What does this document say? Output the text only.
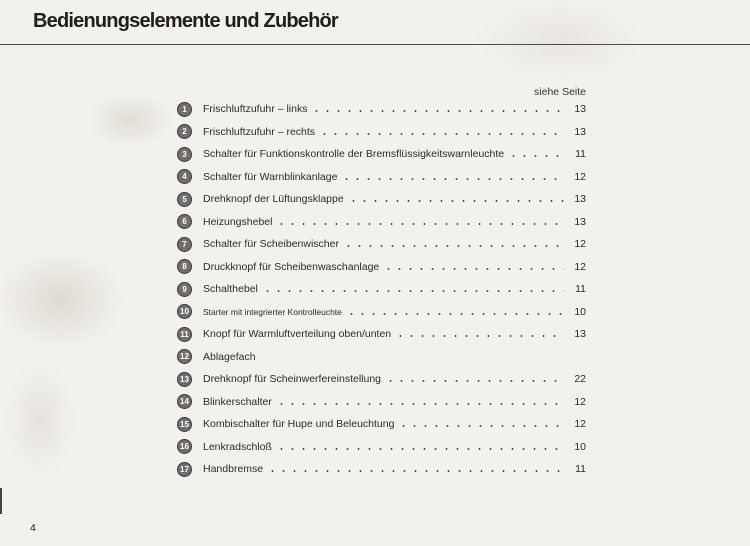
Bedienungselemente und Zubehör
siehe Seite
1	Frischluftzufuhr – links	13
2	Frischluftzufuhr – rechts	13
3	Schalter für Funktionskontrolle der Bremsflüssigkeitswarnleuchte	11
4	Schalter für Warnblinkanlage	12
5	Drehknopf der Lüftungsklappe	13
6	Heizungshebel	13
7	Schalter für Scheibenwischer	12
8	Druckknopf für Scheibenwaschanlage	12
9	Schalthebel	11
10 Starter mit integrierter Kontrolleuchte	10
11 Knopf für Warmluftverteilung oben/unten	13
12 Ablagefach
13 Drehknopf für Scheinwerfereinstellung	22
14 Blinkerschalter	12
15 Kombischalter für Hupe und Beleuchtung	12
16 Lenkradschloß	10
17 Handbremse	11
4
